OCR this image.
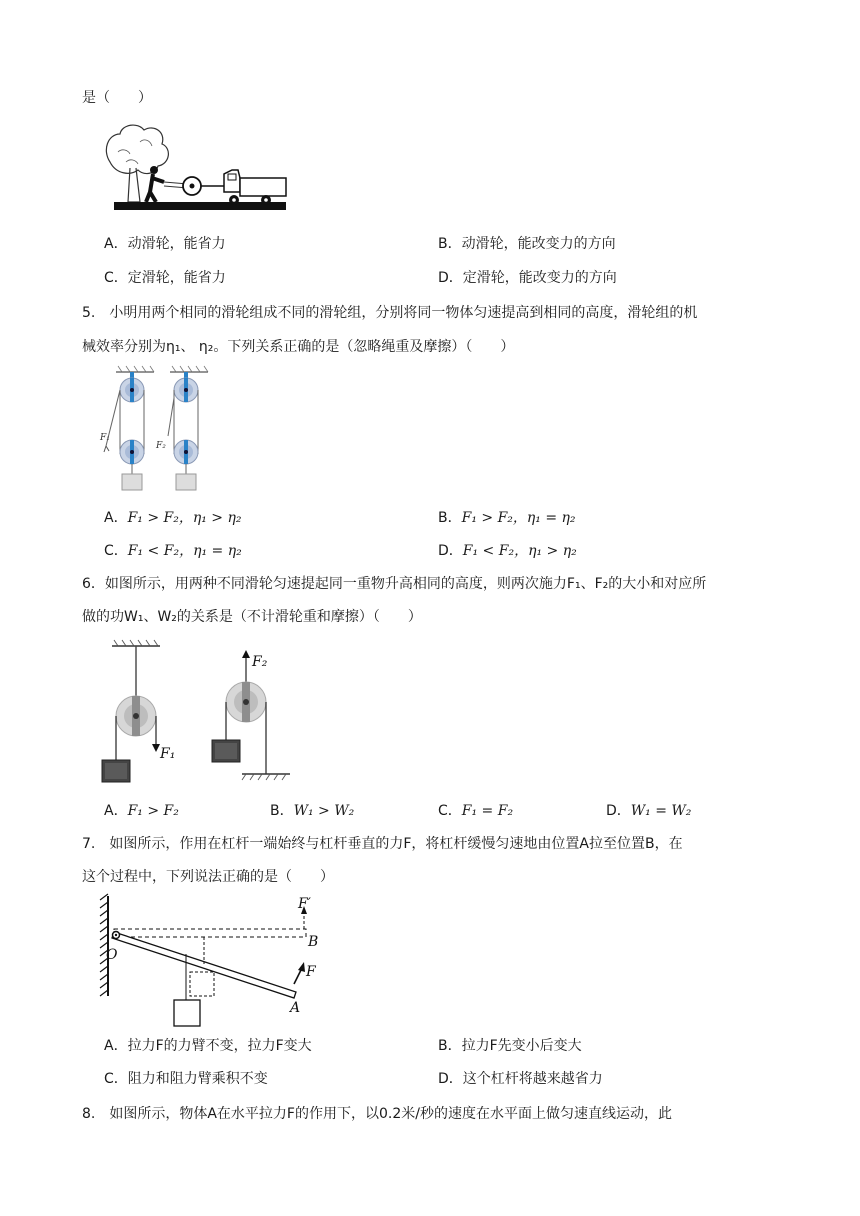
是（　　）
A．动滑轮，能省力	B．动滑轮，能改变力的方向
C．定滑轮，能省力	D．定滑轮，能改变力的方向
5.　小明用两个相同的滑轮组成不同的滑轮组，分别将同一物体匀速提高到相同的高度，滑轮组的机
械效率分别为η₁、 η₂。下列关系正确的是（忽略绳重及摩擦）（　　）
F₁
F₂
A．F₁ > F₂，η₁ > η₂	B．F₁ > F₂，η₁ = η₂
C．F₁ < F₂，η₁ = η₂	D．F₁ < F₂，η₁ > η₂
6．如图所示，用两种不同滑轮匀速提起同一重物升高相同的高度，则两次施力F₁、F₂的大小和对应所
做的功W₁、W₂的关系是（不计滑轮重和摩擦）（　　）
F₁
F₂
A．F₁ > F₂	B．W₁ > W₂	C．F₁ = F₂	D．W₁ = W₂
7.　如图所示，作用在杠杆一端始终与杠杆垂直的力F，将杠杆缓慢匀速地由位置A拉至位置B，在
这个过程中，下列说法正确的是（　　）
F′
B
O
F
A
A．拉力F的力臂不变，拉力F变大	B．拉力F先变小后变大
C．阻力和阻力臂乘积不变	D．这个杠杆将越来越省力
8.　如图所示，物体A在水平拉力F的作用下，以0.2米/秒的速度在水平面上做匀速直线运动，此
